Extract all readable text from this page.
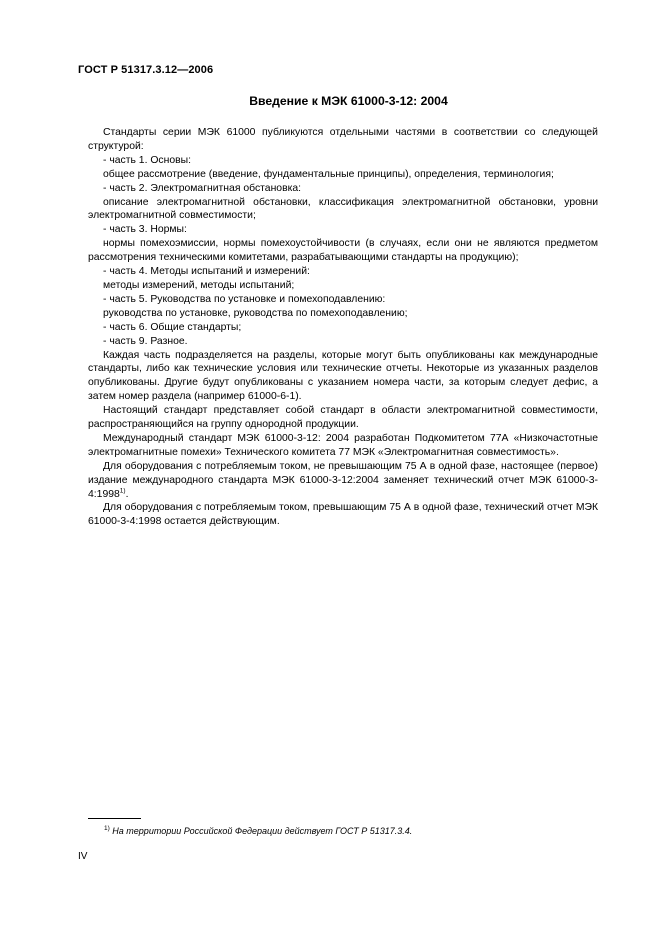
ГОСТ Р 51317.3.12—2006
Введение к МЭК 61000-3-12: 2004

Стандарты серии МЭК 61000 публикуются отдельными частями в соответствии со следующей структурой:

- часть 1. Основы:

общее рассмотрение (введение, фундаментальные принципы), определения, терминология;

- часть 2. Электромагнитная обстановка:

описание электромагнитной обстановки, классификация электромагнитной обстановки, уровни электромагнитной совместимости;

- часть 3. Нормы:

нормы помехоэмиссии, нормы помехоустойчивости (в случаях, если они не являются предметом рассмотрения техническими комитетами, разрабатывающими стандарты на продукцию);

- часть 4. Методы испытаний и измерений:

методы измерений, методы испытаний;

- часть 5. Руководства по установке и помехоподавлению:

руководства по установке, руководства по помехоподавлению;

- часть 6. Общие стандарты;

- часть 9. Разное.

Каждая часть подразделяется на разделы, которые могут быть опубликованы как международные стандарты, либо как технические условия или технические отчеты. Некоторые из указанных разделов опубликованы. Другие будут опубликованы с указанием номера части, за которым следует дефис, а затем номер раздела (например 61000-6-1).

Настоящий стандарт представляет собой стандарт в области электромагнитной совместимости, распространяющийся на группу однородной продукции.

Международный стандарт МЭК 61000-3-12: 2004 разработан Подкомитетом 77А «Низкочастотные электромагнитные помехи» Технического комитета 77 МЭК «Электромагнитная совместимость».

Для оборудования с потребляемым током, не превышающим 75 А в одной фазе, настоящее (первое) издание международного стандарта МЭК 61000-3-12:2004 заменяет технический отчет МЭК 61000-3-4:1998$^{1)}$.

Для оборудования с потребляемым током, превышающим 75 А в одной фазе, технический отчет МЭК 61000-3-4:1998 остается действующим.

$^{1)}$ На территории Российской Федерации действует ГОСТ Р 51317.3.4.
IV
